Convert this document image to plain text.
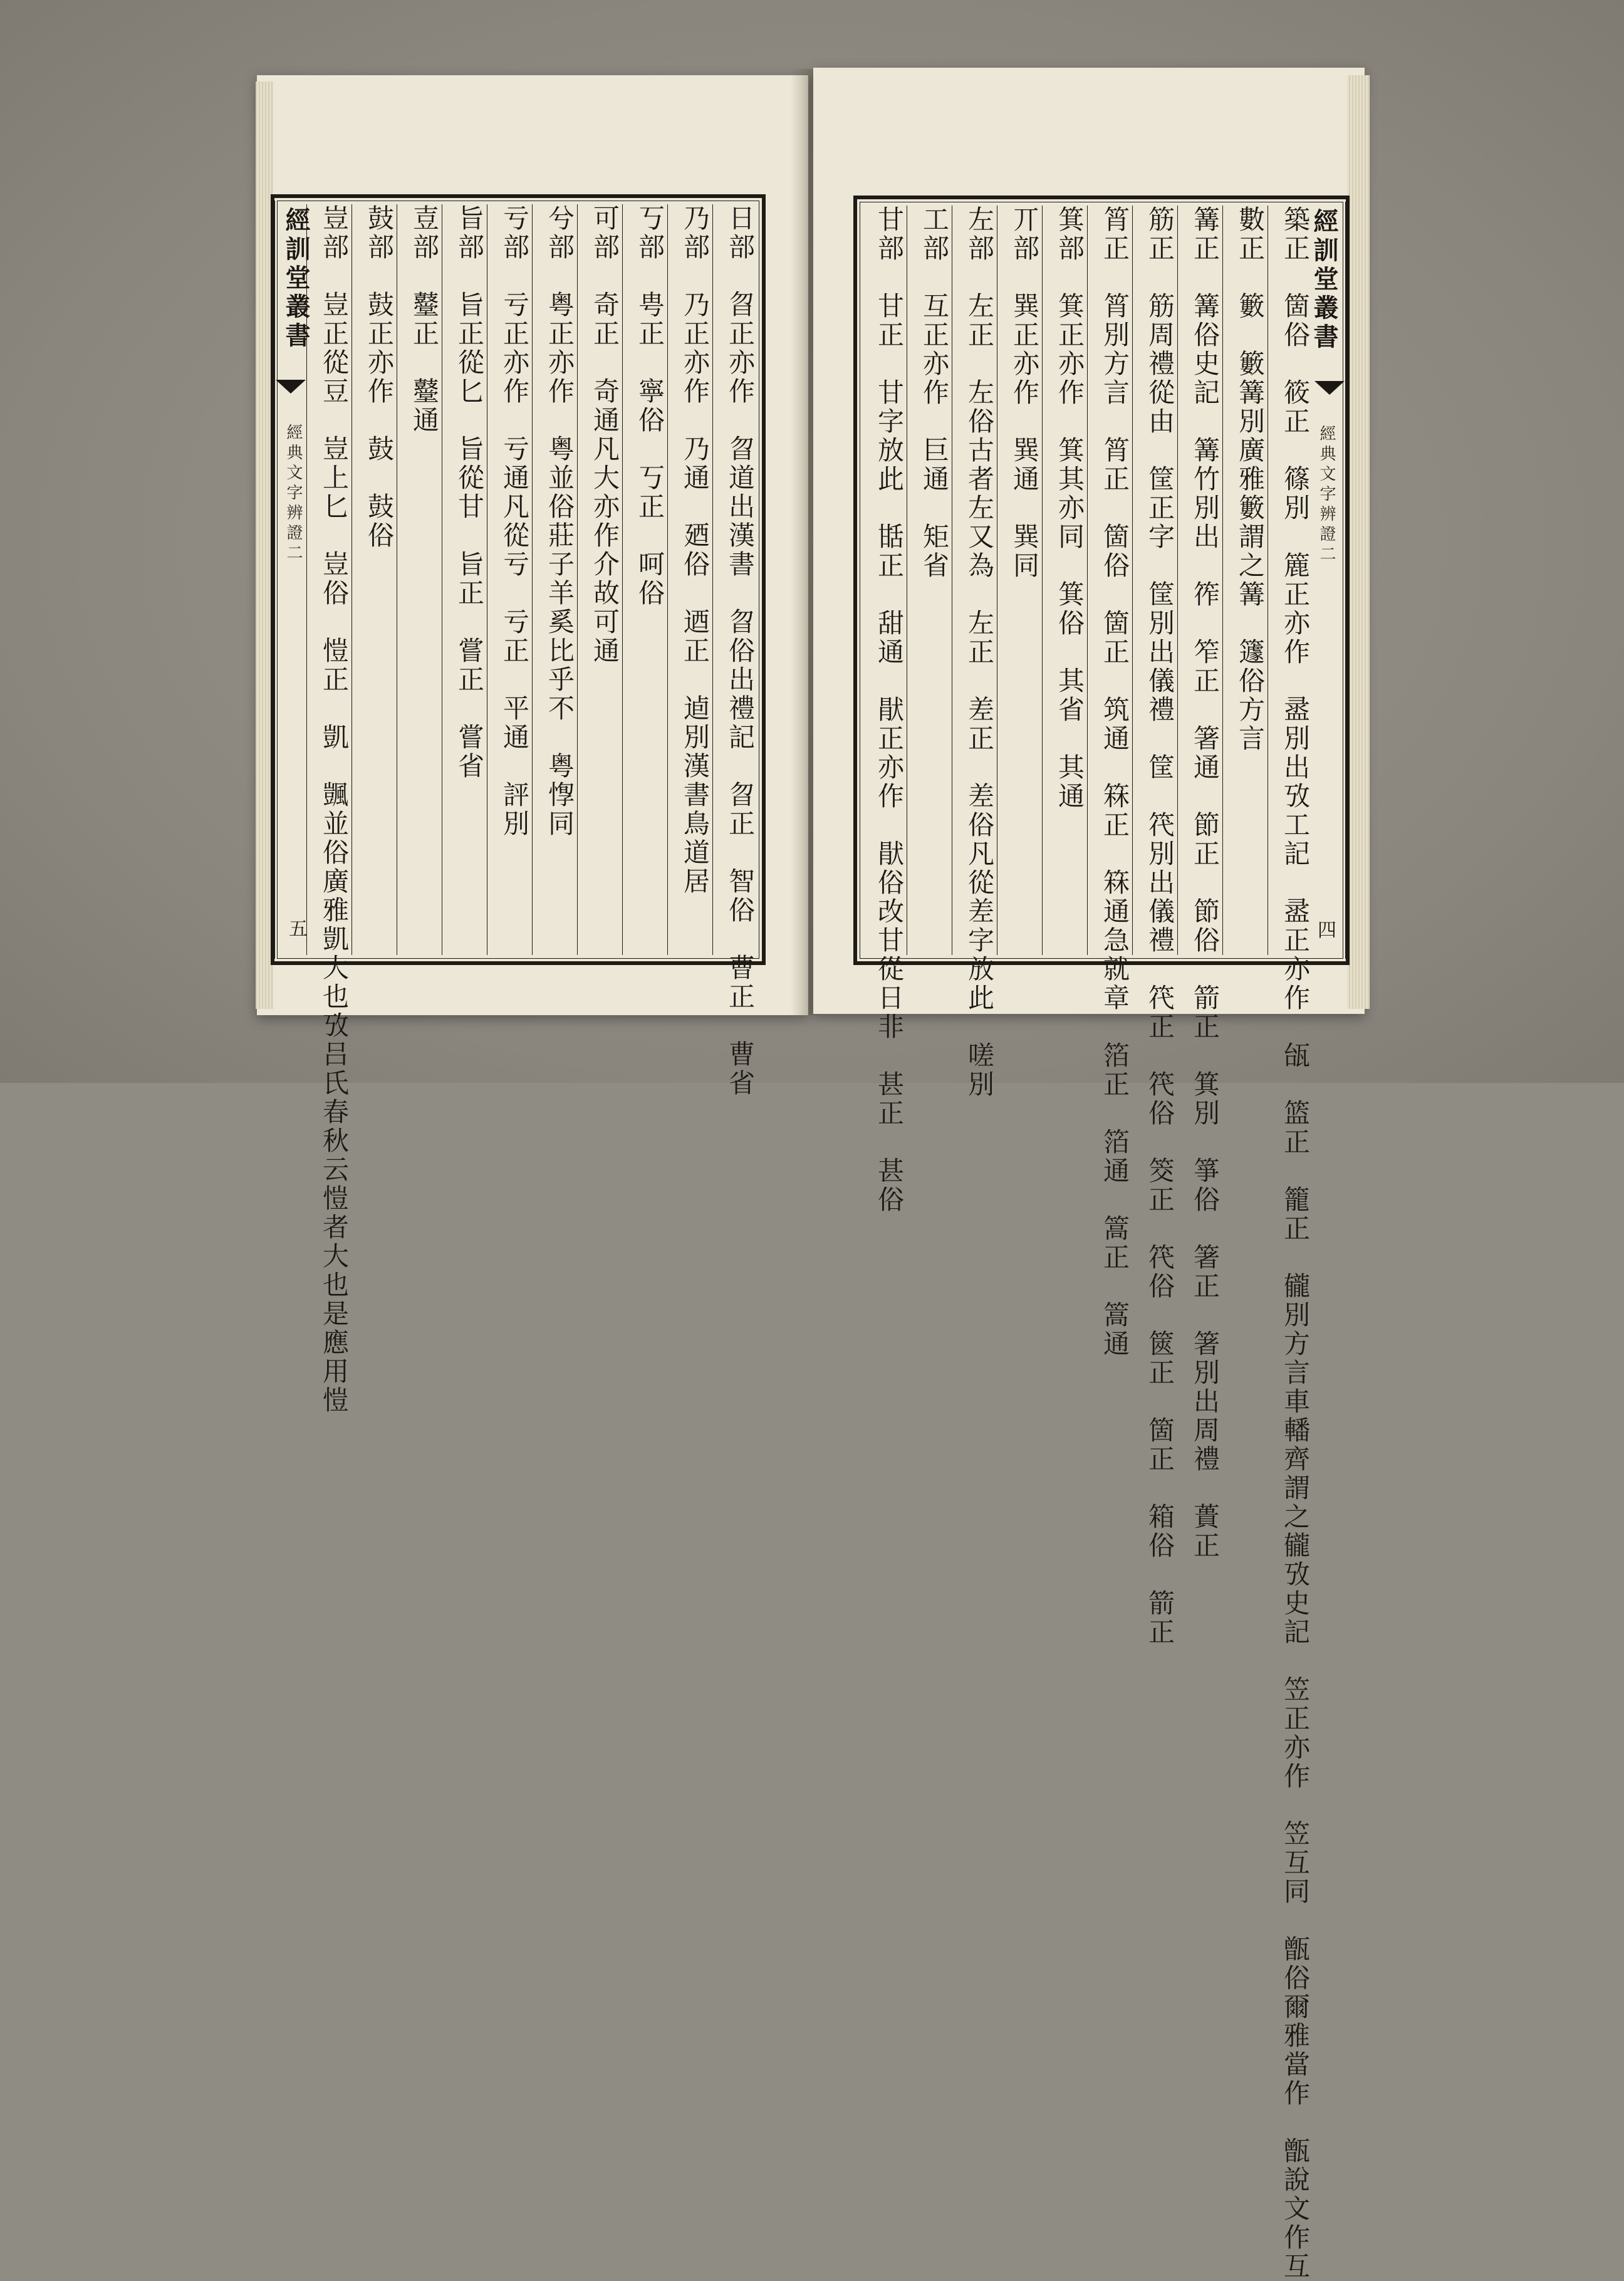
日部　㫚正亦作　曶道出漢書　曶俗出禮記　曶正　智俗　曹正　曹省
乃部　乃正亦作　乃通　廼俗　迺正　逌別漢書鳥道居
丂部　甹正　寧俗　丂正　呵俗
可部　奇正　奇通凡大亦作介故可通
兮部　粤正亦作　粤並俗莊子羊奚比乎不　粤惸同
亏部　亏正亦作　亏通凡從亏　亏正　平通　評別
旨部　旨正從匕　旨從甘　旨正　嘗正　嘗省
壴部　鼞正　鼞通
鼓部　鼓正亦作　鼓　鼓俗
豈部　豈正從豆　豈上匕　豈俗　愷正　凱　颽並俗廣雅凱大也攷吕氏春秋云愷者大也是應用愷
經訓堂叢書
經典文字辨證二
五
經訓堂叢書
經典文字辨證二
四
築正　箇俗　筱正　篠別　簏正亦作　盝別出攷工記　盝正亦作　瓵　篮正　籠正　龓別方言車轓齊謂之龓攷史記　笠正亦作　笠互同　甑俗爾雅當作　甑說文作互
數正　籔　籔篝別廣雅籔謂之篝　籧俗方言
篝正　篝俗史記　篝竹別出　筰　笮正　箸通　節正　節俗　箭正　箕別　箏俗　箸正　箸別出周禮　蕢正
筋正　筋周禮從由　筐正字　筐別出儀禮　筐　笩別出儀禮　笩正　笩俗　筊正　笩俗　篋正　箇正　箱俗　箭正
筲正　筲別方言　筲正　箇俗　箇正　筑通　箖正　箖通急就章　箔正　箔通　篙正　篙通
箕部　箕正亦作　箕其亦同　箕俗　其省　其通
丌部　巽正亦作　巽通　巽同
左部　左正　左俗古者左又為　左正　差正　差俗凡從差字放此　嗟別
工部　互正亦作　巨通　矩省
甘部　甘正　甘字放此　甛正　甜通　猒正亦作　猒俗改甘從日非　甚正　甚俗
